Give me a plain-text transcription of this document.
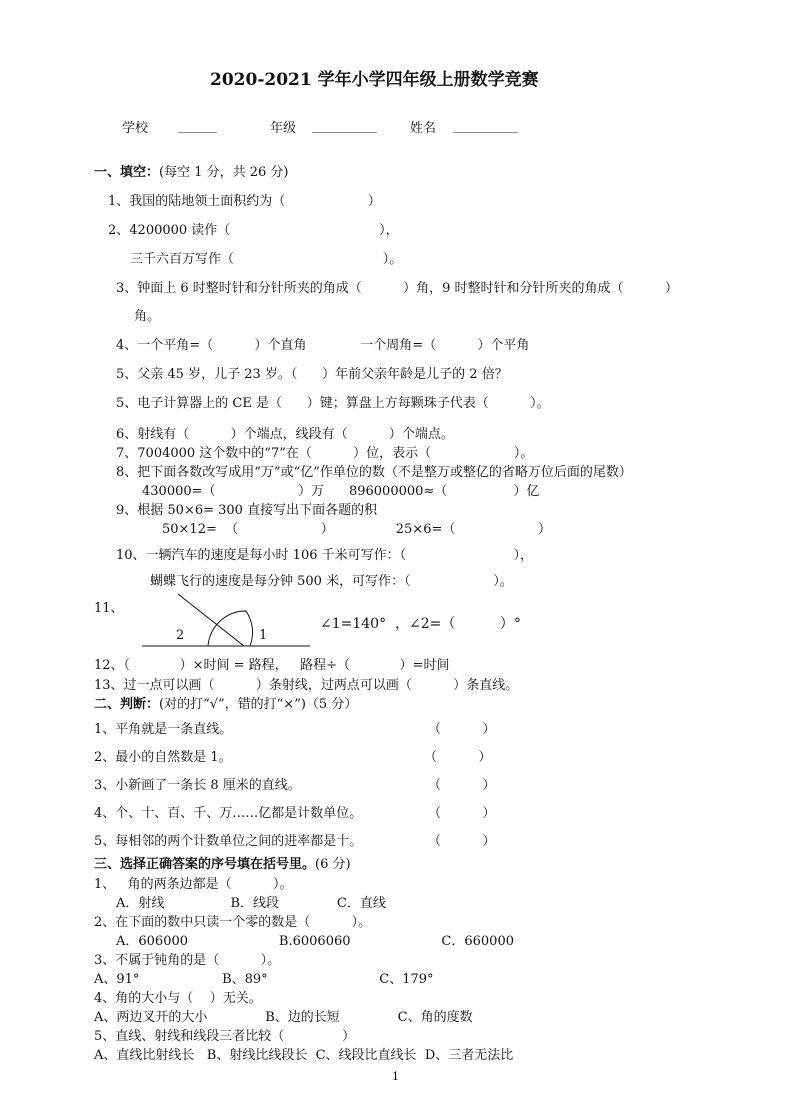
2020-2021 学年小学四年级上册数学竞赛
学校 ______	年级 __________	姓名 __________
一、填空：(每空 1 分，共 26 分)
1、我国的陆地领土面积约为（                    ）
2、4200000 读作（                                    ），
三千六百万写作（                                    ）。
3、钟面上 6 时整时针和分针所夹的角成（          ）角，9 时整时针和分针所夹的角成（          ）
角。
4、一个平角=（          ）个直角             一个周角=（          ）个平角
5、父亲 45 岁，儿子 23 岁。（      ）年前父亲年龄是儿子的 2 倍？
5、电子计算器上的 CE 是（      ）键；算盘上方每颗珠子代表（          ）。
6、射线有（          ）个端点，线段有（          ）个端点。
7、7004000 这个数中的“7”在（          ）位，表示（                    ）。
8、把下面各数改写成用“万”或“亿”作单位的数（不是整万或整亿的省略万位后面的尾数）
430000=（                    ）万      896000000≈（                ）亿
9、根据 50×6= 300 直接写出下面各题的积
50×12=  （                    ）               25×6=（                    ）
10、一辆汽车的速度是每小时 106 千米可写作：（                          ），
蝴蝶飞行的速度是每分钟 500 米，可写作：（                    ）。
11、
2	1
∠1=140°  ，∠2=（          ）°
12、（            ）×时间 = 路程，   路程÷（            ）=时间
13、过一点可以画（          ）条射线，过两点可以画（          ）条直线。
二、判断：(对的打“√”，错的打“×”)（5 分）
1、平角就是一条直线。	（          ）
2、最小的自然数是 1。	（          ）
3、小新画了一条长 8 厘米的直线。	（          ）
4、个、十、百、千、万……亿都是计数单位。	（          ）
5、每相邻的两个计数单位之间的进率都是十。	（          ）
三、选择正确答案的序号填在括号里。(6 分)
1、   角的两条边都是（          ）。
A．射线                B．线段              C．直线
2、在下面的数中只读一个零的数是（          ）。
A．606000                      B.6006060                      C．660000
3、不属于钝角的是（          ）。
A、91°                    B、89°                           C、179°
4、角的大小与（    ）无关。
A、两边叉开的大小              B、边的长短              C、角的度数
5、直线、射线和线段三者比较（              ）
A、直线比射线长   B、射线比线段长  C、线段比直线长  D、三者无法比
1
